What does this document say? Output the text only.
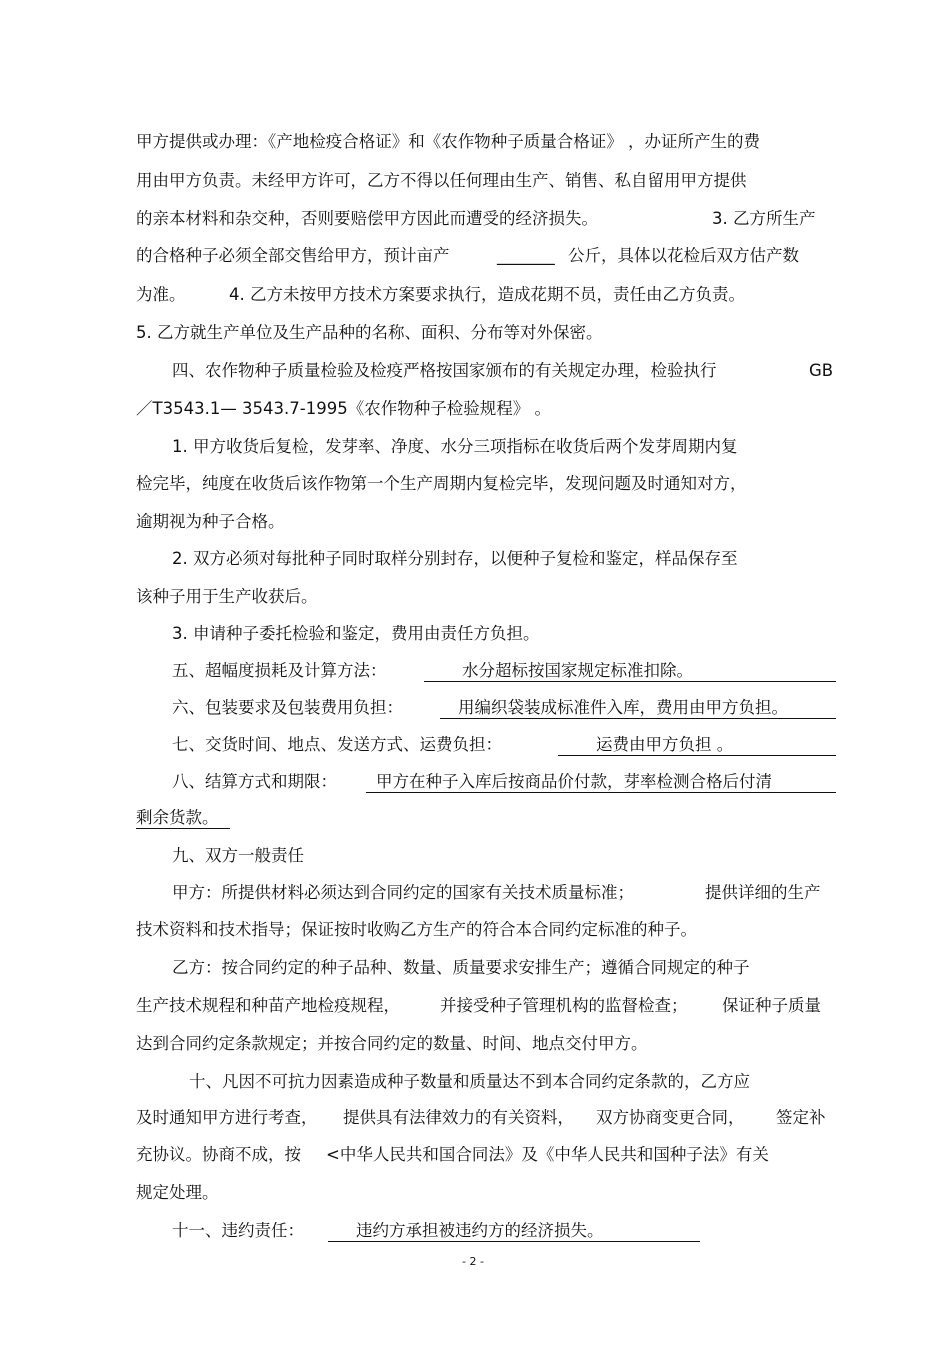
甲方提供或办理：《产地检疫合格证》和《农作物种子质量合格证》 ，办证所产生的费
用由甲方负责。未经甲方许可，乙方不得以任何理由生产、销售、私自留用甲方提供
的亲本材料和杂交种，否则要赔偿甲方因此而遭受的经济损失。	3. 乙方所生产
的合格种子必须全部交售给甲方，预计亩产	_______ 公斤，具体以花检后双方估产数
为准。	4. 乙方未按甲方技术方案要求执行，造成花期不员，责任由乙方负责。
5. 乙方就生产单位及生产品种的名称、面积、分布等对外保密。
四、农作物种子质量检验及检疫严格按国家颁布的有关规定办理，检验执行	GB
／T3543.1— 3543.7-1995《农作物种子检验规程》 。
1. 甲方收货后复检，发芽率、净度、水分三项指标在收货后两个发芽周期内复
检完毕，纯度在收货后该作物第一个生产周期内复检完毕，发现问题及时通知对方，
逾期视为种子合格。
2. 双方必须对每批种子同时取样分别封存，以便种子复检和鉴定，样品保存至
该种子用于生产收获后。
3. 申请种子委托检验和鉴定，费用由责任方负担。
五、超幅度损耗及计算方法：	水分超标按国家规定标准扣除。
六、包装要求及包装费用负担：	用编织袋装成标准件入库，费用由甲方负担。
七、交货时间、地点、发送方式、运费负担：	运费由甲方负担 。
八、结算方式和期限：	甲方在种子入库后按商品价付款，芽率检测合格后付清
剩余货款。
九、双方一般责任
甲方：所提供材料必须达到合同约定的国家有关技术质量标准；	提供详细的生产
技术资料和技术指导；保证按时收购乙方生产的符合本合同约定标准的种子。
乙方：按合同约定的种子品种、数量、质量要求安排生产；遵循合同规定的种子
生产技术规程和种苗产地检疫规程， 并接受种子管理机构的监督检查； 保证种子质量
达到合同约定条款规定；并按合同约定的数量、时间、地点交付甲方。
十、凡因不可抗力因素造成种子数量和质量达不到本合同约定条款的，乙方应
及时通知甲方进行考查， 提供具有法律效力的有关资料， 双方协商变更合同， 签定补
充协议。协商不成，按 <中华人民共和国合同法》及《中华人民共和国种子法》有关
规定处理。
十一、违约责任：	违约方承担被违约方的经济损失。
- 2 -
